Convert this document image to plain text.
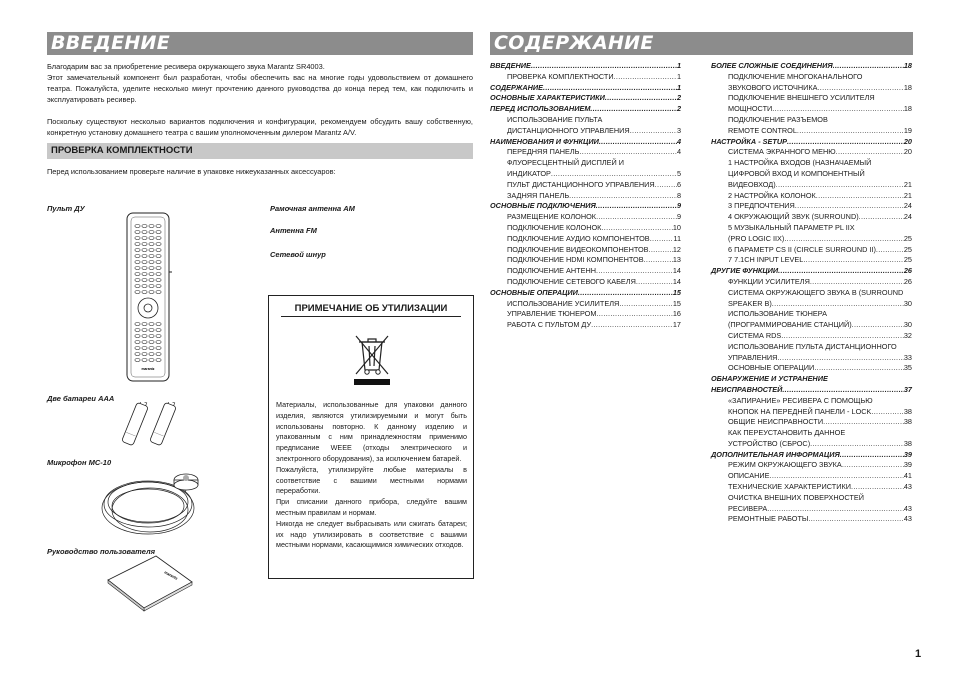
ВВЕДЕНИЕ

Благодарим вас за приобретение ресивера окружающего звука Marantz SR4003.

Этот замечательный компонент был разработан, чтобы обеспечить вас на многие годы удовольствием от домашнего театра. Пожалуйста, уделите несколько минут прочтению данного руководства до конца перед тем, как подключить и эксплуатировать ресивер.

Поскольку существуют несколько вариантов подключения и конфигурации, рекомендуем обсудить вашу собственную, конкретную установку домашнего театра с вашим уполномоченным дилером Marantz A/V.

ПРОВЕРКА КОМПЛЕКТНОСТИ

Перед использованием проверьте наличие в упаковке нижеуказанных аксессуаров:

Пульт ДУ	Рамочная антенна AM
Антенна FM
Сетевой шнур
Две батареи AAA
Микрофон MC-10
Руководство пользователя
marantz
marantz
ПРИМЕЧАНИЕ ОБ УТИЛИЗАЦИИ

Материалы, использованные для упаковки данного изделия, являются утилизируемыми и могут быть использованы повторно. К данному изделию и упакованным с ним принадлежностям применимо предписание WEEE (отходы электрического и электронного оборудования), за исключением батарей.

Пожалуйста, утилизируйте любые материалы в соответствие с вашими местными нормами переработки.

При списании данного прибора, следуйте вашим местным правилам и нормам.

Никогда не следует выбрасывать или сжигать батареи; их надо утилизировать в соответствие с вашими местными нормами, касающимися химических отходов.

СОДЕРЖАНИЕ
ВВЕДЕНИЕ .....	1
ПРОВЕРКА КОМПЛЕКТНОСТИ .....	1
СОДЕРЖАНИЕ .....	1
ОСНОВНЫЕ ХАРАКТЕРИСТИКИ .....	2
ПЕРЕД ИСПОЛЬЗОВАНИЕМ .....	2
ИСПОЛЬЗОВАНИЕ ПУЛЬТА
ДИСТАНЦИОННОГО УПРАВЛЕНИЯ .....	3
НАИМЕНОВАНИЯ И ФУНКЦИИ .....	4
ПЕРЕДНЯЯ ПАНЕЛЬ .....	4
ФЛУОРЕСЦЕНТНЫЙ ДИСПЛЕЙ И
ИНДИКАТОР .....	5
ПУЛЬТ ДИСТАНЦИОННОГО УПРАВЛЕНИЯ .....	6
ЗАДНЯЯ ПАНЕЛЬ .....	8
ОСНОВНЫЕ ПОДКЛЮЧЕНИЯ .....	9
РАЗМЕЩЕНИЕ КОЛОНОК .....	9
ПОДКЛЮЧЕНИЕ КОЛОНОК .....	10
ПОДКЛЮЧЕНИЕ АУДИО КОМПОНЕНТОВ .....	11
ПОДКЛЮЧЕНИЕ ВИДЕОКОМПОНЕНТОВ .....	12
ПОДКЛЮЧЕНИЕ HDMI КОМПОНЕНТОВ .....	13
ПОДКЛЮЧЕНИЕ АНТЕНН .....	14
ПОДКЛЮЧЕНИЕ СЕТЕВОГО КАБЕЛЯ .....	14
ОСНОВНЫЕ ОПЕРАЦИИ .....	15
ИСПОЛЬЗОВАНИЕ УСИЛИТЕЛЯ .....	15
УПРАВЛЕНИЕ ТЮНЕРОМ .....	16
РАБОТА С ПУЛЬТОМ ДУ .....	17
БОЛЕЕ СЛОЖНЫЕ СОЕДИНЕНИЯ .....	18
ПОДКЛЮЧЕНИЕ МНОГОКАНАЛЬНОГО
ЗВУКОВОГО ИСТОЧНИКА .....	18
ПОДКЛЮЧЕНИЕ ВНЕШНЕГО УСИЛИТЕЛЯ
МОЩНОСТИ .....	18
ПОДКЛЮЧЕНИЕ РАЗЪЕМОВ
REMOTE CONTROL .....	19
НАСТРОЙКА - SETUP .....	20
СИСТЕМА ЭКРАННОГО МЕНЮ .....	20
1 НАСТРОЙКА ВХОДОВ (НАЗНАЧАЕМЫЙ
ЦИФРОВОЙ ВХОД И КОМПОНЕНТНЫЙ
ВИДЕОВХОД) .....	21
2 НАСТРОЙКА КОЛОНОК .....	21
3 ПРЕДПОЧТЕНИЯ .....	24
4 ОКРУЖАЮЩИЙ ЗВУК (SURROUND) .....	24
5 МУЗЫКАЛЬНЫЙ ПАРАМЕТР PL IIX
(PRO LOGIC IIX) .....	25
6 ПАРАМЕТР CS II (CIRCLE SURROUND II) .....	25
7 7.1CH INPUT LEVEL .....	25
ДРУГИЕ ФУНКЦИИ .....	26
ФУНКЦИИ УСИЛИТЕЛЯ .....	26
СИСТЕМА ОКРУЖАЮЩЕГО ЗВУКА В (SURROUND
SPEAKER B) .....	30
ИСПОЛЬЗОВАНИЕ ТЮНЕРА
(ПРОГРАММИРОВАНИЕ СТАНЦИЙ) .....	30
СИСТЕМА RDS .....	32
ИСПОЛЬЗОВАНИЕ ПУЛЬТА ДИСТАНЦИОННОГО
УПРАВЛЕНИЯ .....	33
ОСНОВНЫЕ ОПЕРАЦИИ .....	35
ОБНАРУЖЕНИЕ И УСТРАНЕНИЕ
НЕИСПРАВНОСТЕЙ .....	37
«ЗАПИРАНИЕ» РЕСИВЕРА С ПОМОЩЬЮ
КНОПОК НА ПЕРЕДНЕЙ ПАНЕЛИ - LOCK .....	38
ОБЩИЕ НЕИСПРАВНОСТИ .....	38
КАК ПЕРЕУСТАНОВИТЬ ДАННОЕ
УСТРОЙСТВО (СБРОС) .....	38
ДОПОЛНИТЕЛЬНАЯ ИНФОРМАЦИЯ .....	39
РЕЖИМ ОКРУЖАЮЩЕГО ЗВУКА .....	39
ОПИСАНИЕ .....	41
ТЕХНИЧЕСКИЕ ХАРАКТЕРИСТИКИ .....	43
ОЧИСТКА ВНЕШНИХ ПОВЕРХНОСТЕЙ
РЕСИВЕРА .....	43
РЕМОНТНЫЕ РАБОТЫ .....	43
1
